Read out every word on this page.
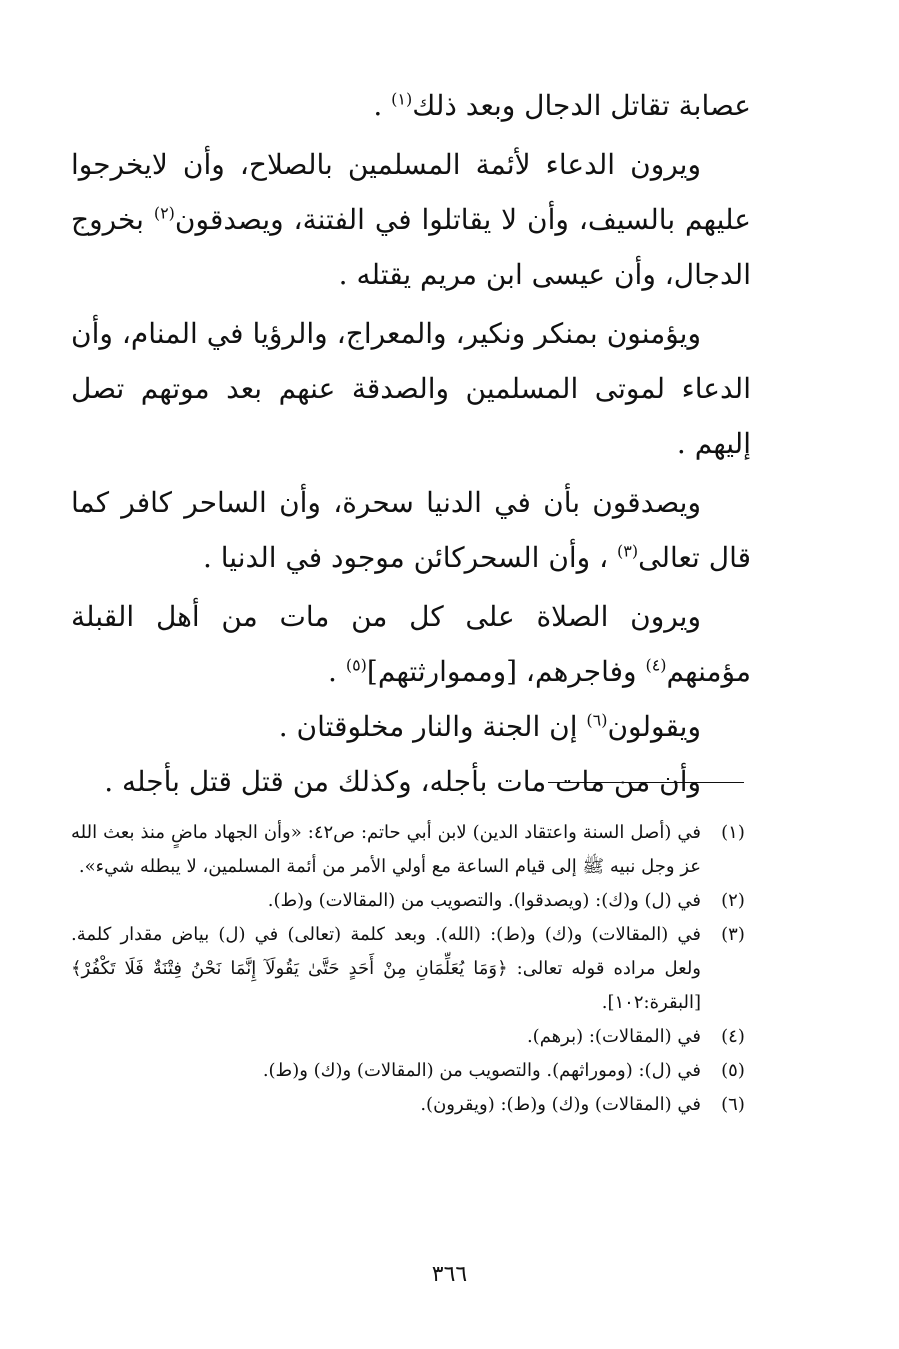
عصابة تقاتل الدجال وبعد ذلك$^{(١)}$ .

ويرون الدعاء لأئمة المسلمين بالصلاح، وأن لايخرجوا عليهم بالسيف، وأن لا يقاتلوا في الفتنة، ويصدقون$^{(٢)}$ بخروج الدجال، وأن عيسى ابن مريم يقتله .

ويؤمنون بمنكر ونكير، والمعراج، والرؤيا في المنام، وأن الدعاء لموتى المسلمين والصدقة عنهم بعد موتهم تصل إليهم .

ويصدقون بأن في الدنيا سحرة، وأن الساحر كافر كما قال تعالى$^{(٣)}$ ، وأن السحركائن موجود في الدنيا .

ويرون الصلاة على كل من مات من أهل القبلة مؤمنهم$^{(٤)}$ وفاجرهم، [ومموارثتهم]$^{(٥)}$ .

ويقولون$^{(٦)}$ إن الجنة والنار مخلوقتان .

وأن من مات مات بأجله، وكذلك من قتل قتل بأجله .

(١)
في (أصل السنة واعتقاد الدين) لابن أبي حاتم: ص٤٢: «وأن الجهاد ماضٍ منذ بعث الله عز وجل نبيه ﷺ إلى قيام الساعة مع أولي الأمر من أئمة المسلمين، لا يبطله شيء».
(٢)
في (ل) و(ك): (ويصدقوا). والتصويب من (المقالات) و(ط).
(٣)
في (المقالات) و(ك) و(ط): (الله). وبعد كلمة (تعالى) في (ل) بياض مقدار كلمة. ولعل مراده قوله تعالى: ﴿وَمَا يُعَلِّمَانِ مِنْ أَحَدٍ حَتَّىٰ يَقُولَآ إِنَّمَا نَحْنُ فِتْنَةٌ فَلَا تَكْفُرْ﴾ [البقرة:١٠٢].
(٤)
في (المقالات): (برهم).
(٥)
في (ل): (وموراثهم). والتصويب من (المقالات) و(ك) و(ط).
(٦)
في (المقالات) و(ك) و(ط): (ويقرون).
٣٦٦
